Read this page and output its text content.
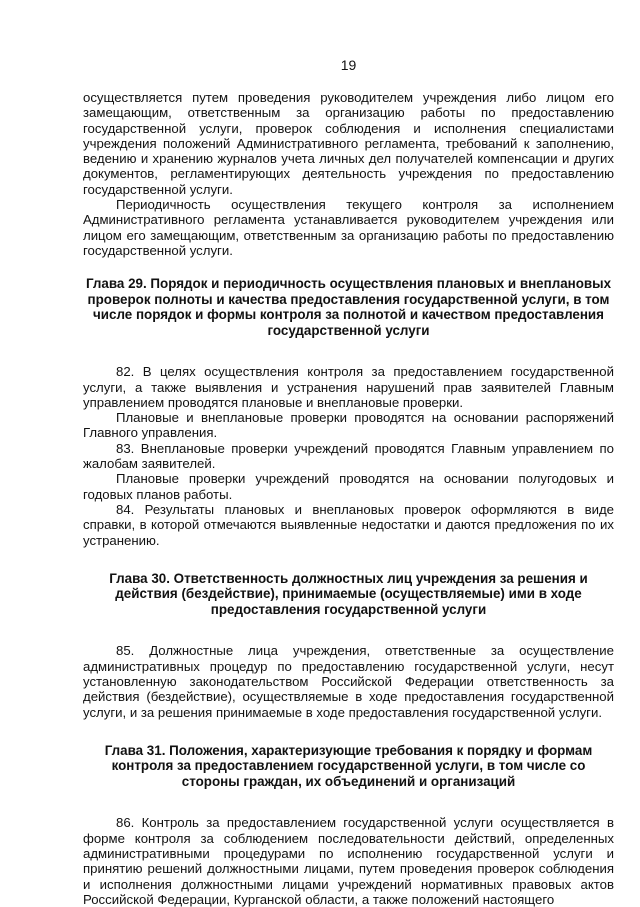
19

осуществляется путем проведения руководителем учреждения либо лицом его замещающим, ответственным за организацию работы по предоставлению государственной услуги, проверок соблюдения и исполнения специалистами учреждения положений Административного регламента, требований к заполнению, ведению и хранению журналов учета личных дел получателей компенсации и других документов, регламентирующих деятельность учреждения по предоставлению государственной услуги.

Периодичность осуществления текущего контроля за исполнением Административного регламента устанавливается руководителем учреждения или лицом его замещающим, ответственным за организацию работы по предоставлению государственной услуги.

Глава 29. Порядок и периодичность осуществления плановых и внеплановых проверок полноты и качества предоставления государственной услуги, в том числе порядок и формы контроля за полнотой и качеством предоставления государственной услуги

82. В целях осуществления контроля за предоставлением государственной услуги, а также выявления и устранения нарушений прав заявителей Главным управлением проводятся плановые и внеплановые проверки.

Плановые и внеплановые проверки проводятся на основании распоряжений Главного управления.

83. Внеплановые проверки учреждений проводятся Главным управлением по жалобам заявителей.

Плановые проверки учреждений проводятся на основании полугодовых и годовых планов работы.

84. Результаты плановых и внеплановых проверок оформляются в виде справки, в которой отмечаются выявленные недостатки и даются предложения по их устранению.

Глава 30. Ответственность должностных лиц учреждения за решения и действия (бездействие), принимаемые (осуществляемые) ими в ходе предоставления государственной услуги

85. Должностные лица учреждения, ответственные за осуществление административных процедур по предоставлению государственной услуги, несут установленную законодательством Российской Федерации ответственность за действия (бездействие), осуществляемые в ходе предоставления государственной услуги, и за решения принимаемые в ходе предоставления государственной услуги.

Глава 31. Положения, характеризующие требования к порядку и формам контроля за предоставлением государственной услуги, в том числе со стороны граждан, их объединений и организаций

86. Контроль за предоставлением государственной услуги осуществляется в форме контроля за соблюдением последовательности действий, определенных административными процедурами по исполнению государственной услуги и принятию решений должностными лицами, путем проведения проверок соблюдения и исполнения должностными лицами учреждений нормативных правовых актов Российской Федерации, Курганской области, а также положений настоящего
